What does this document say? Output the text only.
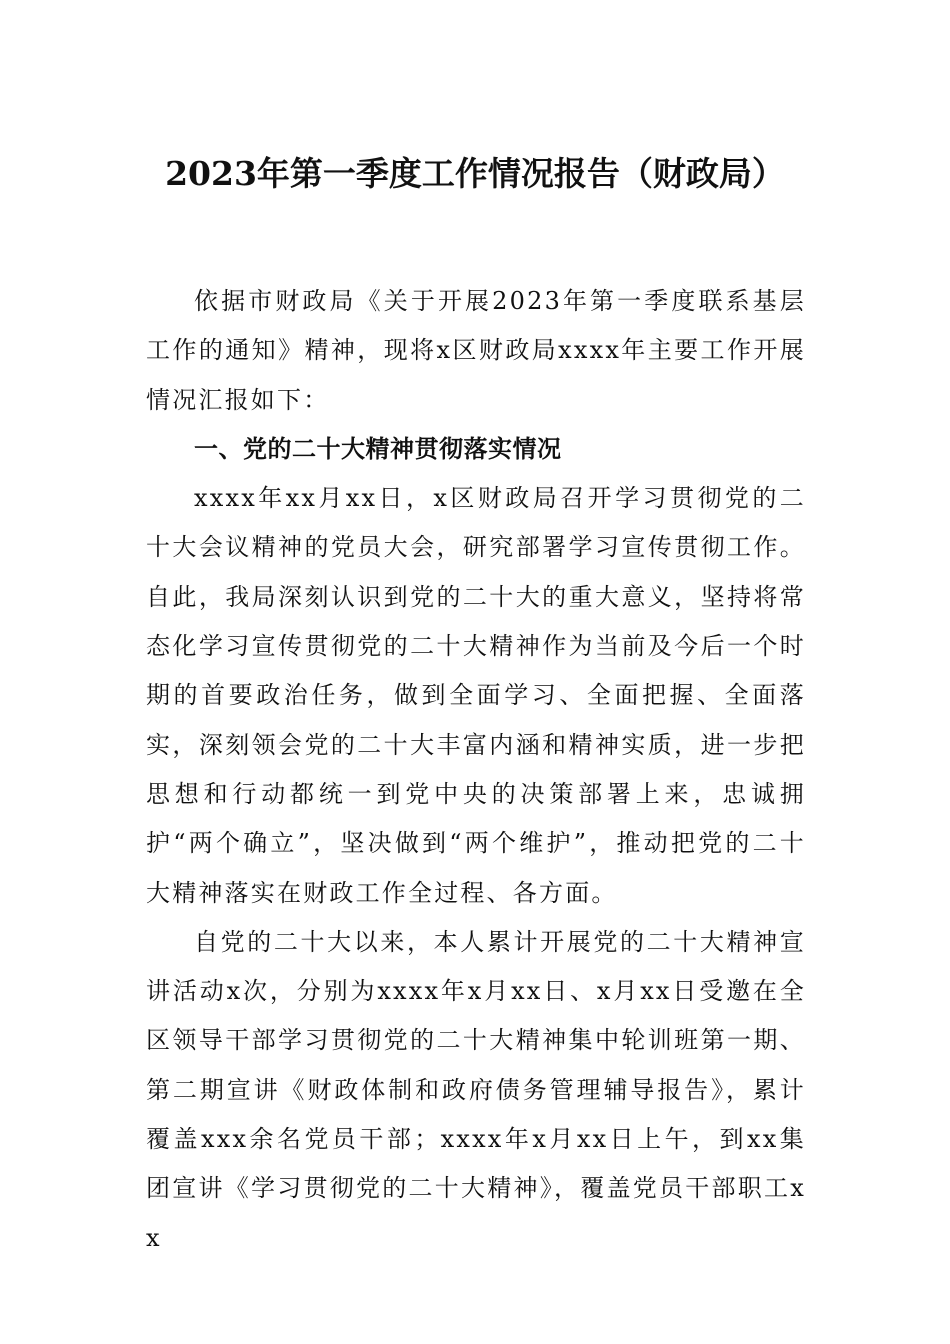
2023年第一季度工作情况报告（财政局）

依据市财政局《关于开展2023年第一季度联系基层工作的通知》精神，现将x区财政局xxxx年主要工作开展情况汇报如下：

一、党的二十大精神贯彻落实情况

xxxx年xx月xx日，x区财政局召开学习贯彻党的二十大会议精神的党员大会，研究部署学习宣传贯彻工作。自此，我局深刻认识到党的二十大的重大意义，坚持将常态化学习宣传贯彻党的二十大精神作为当前及今后一个时期的首要政治任务，做到全面学习、全面把握、全面落实，深刻领会党的二十大丰富内涵和精神实质，进一步把思想和行动都统一到党中央的决策部署上来，忠诚拥护“两个确立”，坚决做到“两个维护”，推动把党的二十大精神落实在财政工作全过程、各方面。

自党的二十大以来，本人累计开展党的二十大精神宣讲活动x次，分别为xxxx年x月xx日、x月xx日受邀在全区领导干部学习贯彻党的二十大精神集中轮训班第一期、第二期宣讲《财政体制和政府债务管理辅导报告》，累计覆盖xxx余名党员干部；xxxx年x月xx日上午，到xx集团宣讲《学习贯彻党的二十大精神》，覆盖党员干部职工xx
